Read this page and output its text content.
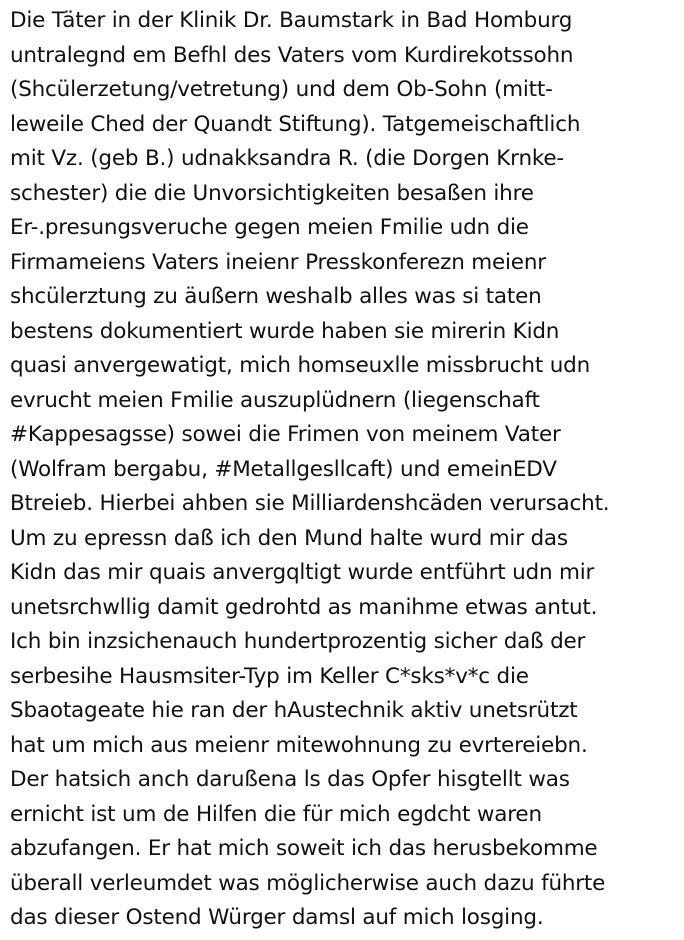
Die Täter in der Klinik Dr. Baumstark in Bad Homburg
untralegnd em Befhl des Vaters vom Kurdirekotssohn
(Shcülerzetung/vetretung) und dem Ob-Sohn (mitt-
leweile Ched der Quandt Stiftung). Tatgemeischaftlich
mit Vz. (geb B.) udnakksandra R. (die Dorgen Krnke-
schester) die die Unvorsichtigkeiten besaßen ihre
Er-.presungsveruche gegen meien Fmilie udn die
Firmameiens Vaters ineienr Presskonferezn meienr
shcülerztung zu äußern weshalb alles was si taten
bestens dokumentiert wurde haben sie mirerin Kidn
quasi anvergewatigt, mich homseuxlle missbrucht udn
evrucht meien Fmilie auszuplüdnern (liegenschaft
#Kappesagsse) sowei die Frimen von meinem Vater
(Wolfram bergabu, #Metallgesllcaft) und emeinEDV
Btreieb. Hierbei ahben sie Milliardenshcäden verursacht.
Um zu epressn daß ich den Mund halte wurd mir das
Kidn das mir quais anvergqltigt wurde entführt udn mir
unetsrchwllig damit gedrohtd as manihme etwas antut.
Ich bin inzsichenauch hundertprozentig sicher daß der
serbesihe Hausmsiter-Typ im Keller C*sks*v*c die
Sbaotageate hie ran der hAustechnik aktiv unetsrützt
hat um mich aus meienr mitewohnung zu evrtereiebn.
Der hatsich anch darußena ls das Opfer hisgtellt was
ernicht ist um de Hilfen die für mich egdcht waren
abzufangen. Er hat mich soweit ich das herusbekomme
überall verleumdet was möglicherwise auch dazu führte
das dieser Ostend Würger damsl auf mich losging.
